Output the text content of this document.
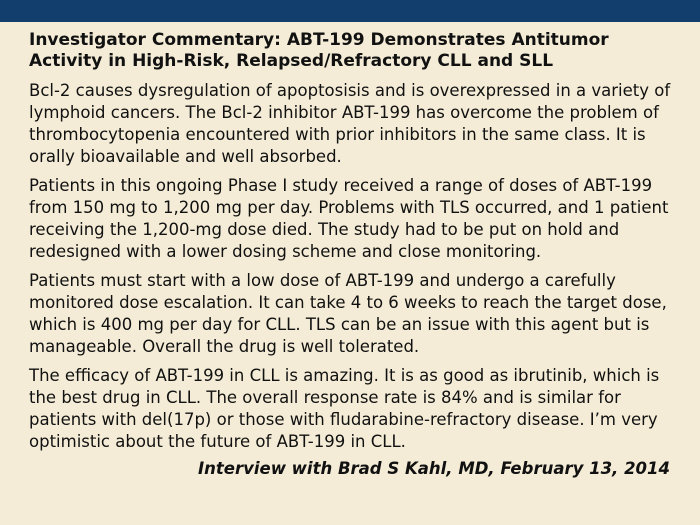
Investigator Commentary: ABT-199 Demonstrates Antitumor
Activity in High-Risk, Relapsed/Refractory CLL and SLL

Bcl-2 causes dysregulation of apoptosisis and is overexpressed in a variety of lymphoid cancers. The Bcl-2 inhibitor ABT-199 has overcome the problem of thrombocytopenia encountered with prior inhibitors in the same class. It is orally bioavailable and well absorbed.

Patients in this ongoing Phase I study received a range of doses of ABT-199 from 150 mg to 1,200 mg per day. Problems with TLS occurred, and 1 patient receiving the 1,200-mg dose died. The study had to be put on hold and redesigned with a lower dosing scheme and close monitoring.

Patients must start with a low dose of ABT-199 and undergo a carefully monitored dose escalation. It can take 4 to 6 weeks to reach the target dose, which is 400 mg per day for CLL. TLS can be an issue with this agent but is manageable. Overall the drug is well tolerated.

The efficacy of ABT-199 in CLL is amazing. It is as good as ibrutinib, which is the best drug in CLL. The overall response rate is 84% and is similar for patients with del(17p) or those with fludarabine-refractory disease. I’m very optimistic about the future of ABT-199 in CLL.

Interview with Brad S Kahl, MD, February 13, 2014
